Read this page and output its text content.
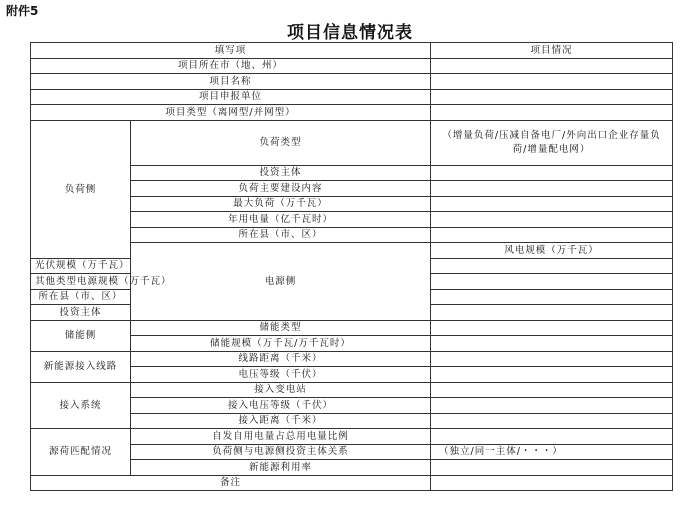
附件5
项目信息情况表
填写项		项目情况	
项目所在市（地、州）			
项目名称			
项目申报单位			
项目类型（离网型/并网型）			
负荷侧	负荷类型	（增量负荷/压减自备电厂/外向出口企业存量负荷/增量配电网）	
	投资主体		
	负荷主要建设内容		
	最大负荷（万千瓦）		
	年用电量（亿千瓦时）		
	所在县（市、区）		
	电源侧	风电规模（万千瓦）	
光伏规模（万千瓦）			
其他类型电源规模（万千瓦）			
所在县（市、区）			
投资主体			
储能侧	储能类型		
	储能规模（万千瓦/万千瓦时）		
新能源接入线路	线路距离（千米）		
	电压等级（千伏）		
接入系统	接入变电站		
	接入电压等级（千伏）		
	接入距离（千米）		
源荷匹配情况	自发自用电量占总用电量比例		
	负荷侧与电源侧投资主体关系	（独立/同一主体/・・・）	
	新能源利用率		
备注			
